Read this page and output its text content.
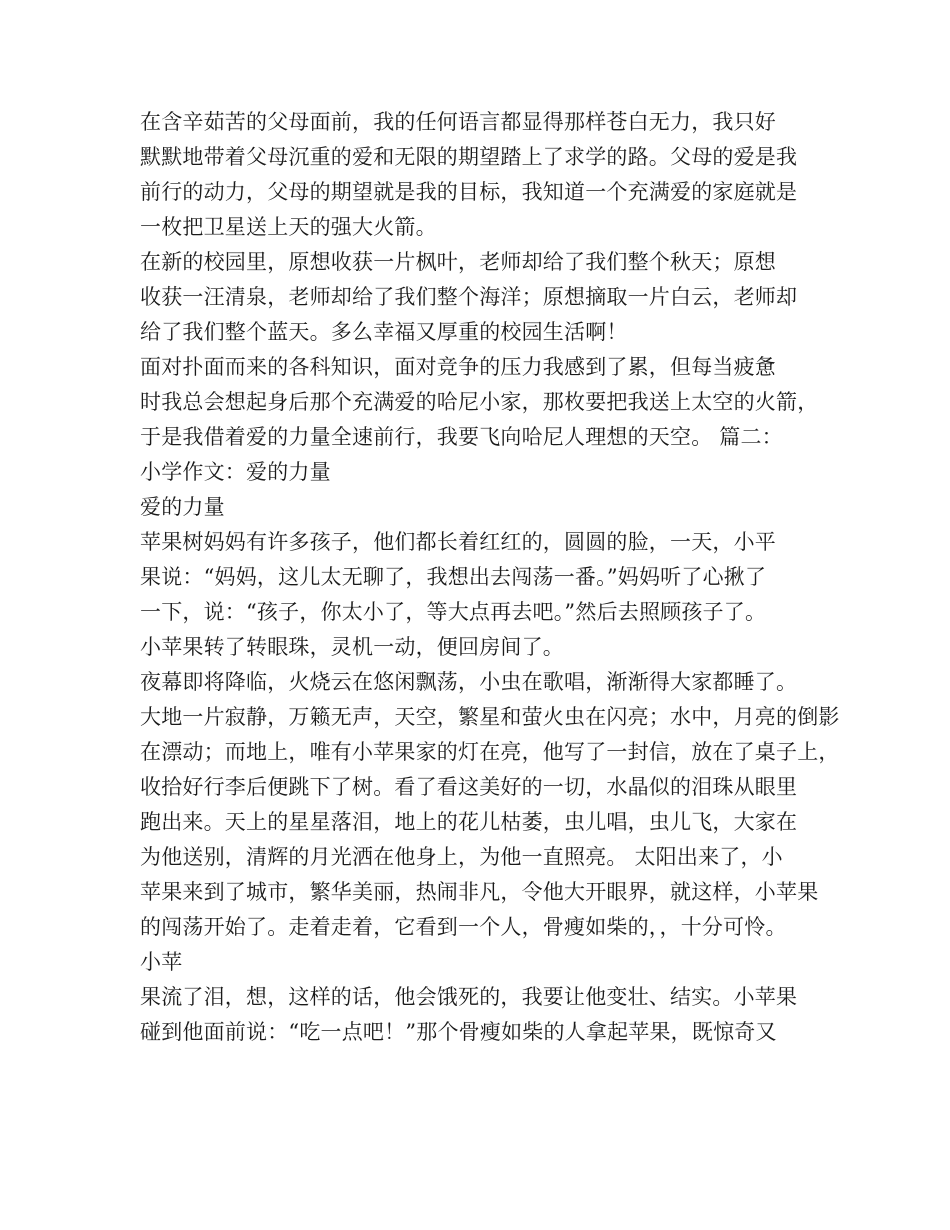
在含辛茹苦的父母面前，我的任何语言都显得那样苍白无力，我只好
默默地带着父母沉重的爱和无限的期望踏上了求学的路。父母的爱是我
前行的动力，父母的期望就是我的目标，我知道一个充满爱的家庭就是
一枚把卫星送上天的强大火箭。
在新的校园里，原想收获一片枫叶，老师却给了我们整个秋天；原想
收获一汪清泉，老师却给了我们整个海洋；原想摘取一片白云，老师却
给了我们整个蓝天。多么幸福又厚重的校园生活啊！
面对扑面而来的各科知识，面对竞争的压力我感到了累，但每当疲惫
时我总会想起身后那个充满爱的哈尼小家，那枚要把我送上太空的火箭，
于是我借着爱的力量全速前行，我要飞向哈尼人理想的天空。 篇二：
小学作文：爱的力量
爱的力量
苹果树妈妈有许多孩子，他们都长着红红的，圆圆的脸，一天，小平
果说：“妈妈，这儿太无聊了，我想出去闯荡一番。”妈妈听了心揪了
一下，说：“孩子，你太小了，等大点再去吧。”然后去照顾孩子了。
小苹果转了转眼珠，灵机一动，便回房间了。
夜幕即将降临，火烧云在悠闲飘荡，小虫在歌唱，渐渐得大家都睡了。
大地一片寂静，万籁无声，天空，繁星和萤火虫在闪亮；水中，月亮的倒影
在漂动；而地上，唯有小苹果家的灯在亮，他写了一封信，放在了桌子上，
收拾好行李后便跳下了树。看了看这美好的一切，水晶似的泪珠从眼里
跑出来。天上的星星落泪，地上的花儿枯萎，虫儿唱，虫儿飞，大家在
为他送别，清辉的月光洒在他身上，为他一直照亮。 太阳出来了，小
苹果来到了城市，繁华美丽，热闹非凡，令他大开眼界，就这样，小苹果
的闯荡开始了。走着走着，它看到一个人，骨瘦如柴的，，十分可怜。
小苹
果流了泪，想，这样的话，他会饿死的，我要让他变壮、结实。小苹果
碰到他面前说：“吃一点吧！”那个骨瘦如柴的人拿起苹果，既惊奇又
